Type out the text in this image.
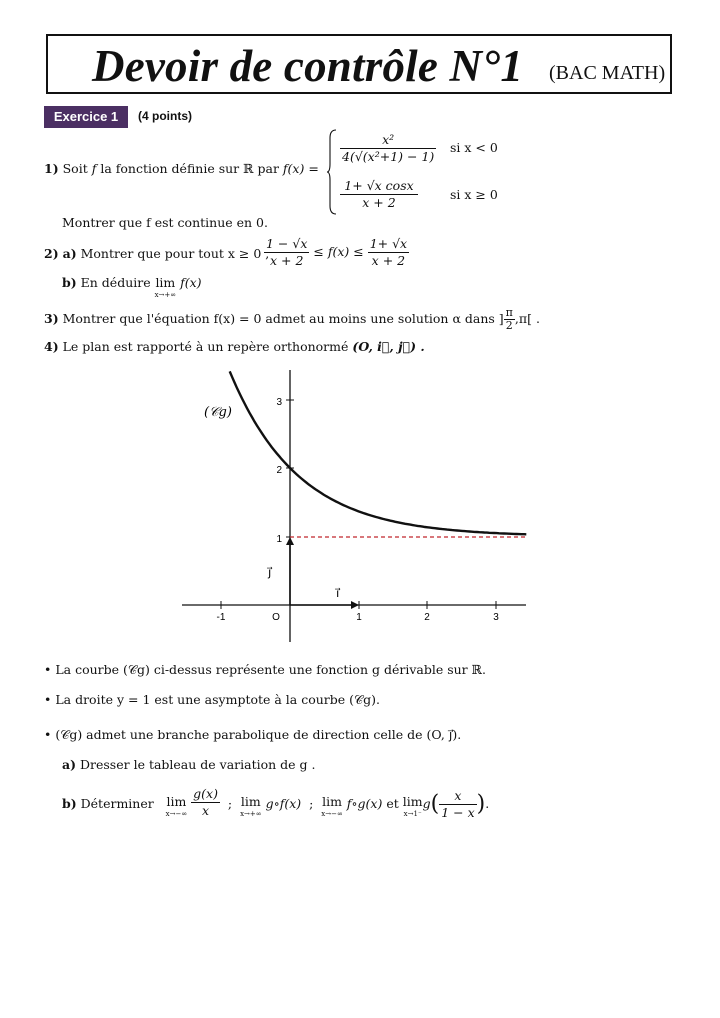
Devoir de contrôle N°1 (BAC MATH)
Exercice 1	(4 points)
1) Soit f la fonction définie sur ℝ par f(x) =
$\frac{\text{x²}}{\text{4(√(x²+1) − 1)}}$ si x < 0
$\frac{\text{1+ √x cosx}}{x + 2}$	si x ≥ 0
Montrer que f est continue en 0.
2) a) Montrer que pour tout x ≥ 0 ,
$\frac{1 - √x}{x + 2} \le f(x) \le \frac{1+ √x}{x + 2}$
b) En déduire lim
x→+∞
f(x)
3) Montrer que l'équation f(x) = 0 admet au moins une solution α dans ] $\frac{\pi}{2} ,\pi$[ .
4) Le plan est rapporté à un repère orthonormé (O, i⃗, j⃗) .
-1	O	1	2	3
1
2
3
i⃗
j⃗
(𝒞g)
• La courbe (𝒞g) ci-dessus représente une fonction g dérivable sur ℝ.
• La droite y = 1 est une asymptote à la courbe (𝒞g).
• (𝒞g) admet une branche parabolique de direction celle de (O, j⃗).
a) Dresser le tableau de variation de g .
b) Déterminer lim
x→−∞
$\frac{g(x)}{x}$ ; lim
x→+∞
g∘f(x) ; lim
x→−∞
f∘g(x) et lim
x→1⁻
$g( \frac{x}{1 - x}$ ).
